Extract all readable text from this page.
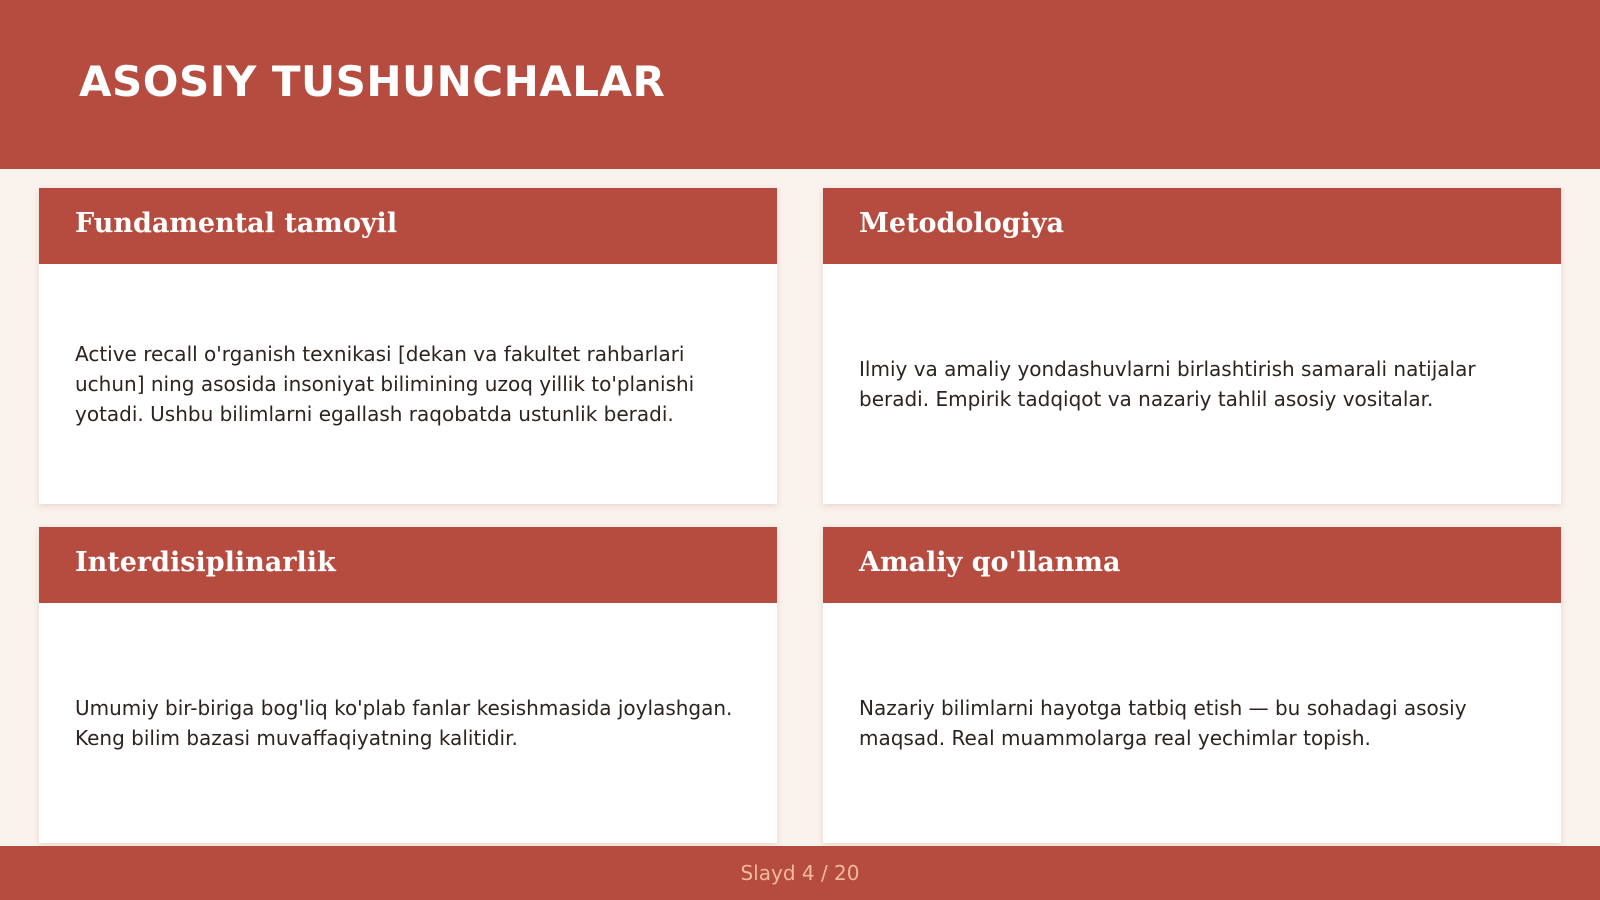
ASOSIY TUSHUNCHALAR
Fundamental tamoyil

Active recall o'rganish texnikasi [dekan va fakultet rahbarlari uchun] ning asosida insoniyat bilimining uzoq yillik to'planishi yotadi. Ushbu bilimlarni egallash raqobatda ustunlik beradi.

Metodologiya

Ilmiy va amaliy yondashuvlarni birlashtirish samarali natijalar beradi. Empirik tadqiqot va nazariy tahlil asosiy vositalar.

Interdisiplinarlik

Umumiy bir-biriga bog'liq ko'plab fanlar kesishmasida joylashgan. Keng bilim bazasi muvaffaqiyatning kalitidir.

Amaliy qo'llanma

Nazariy bilimlarni hayotga tatbiq etish — bu sohadagi asosiy maqsad. Real muammolarga real yechimlar topish.

Slayd 4 / 20
